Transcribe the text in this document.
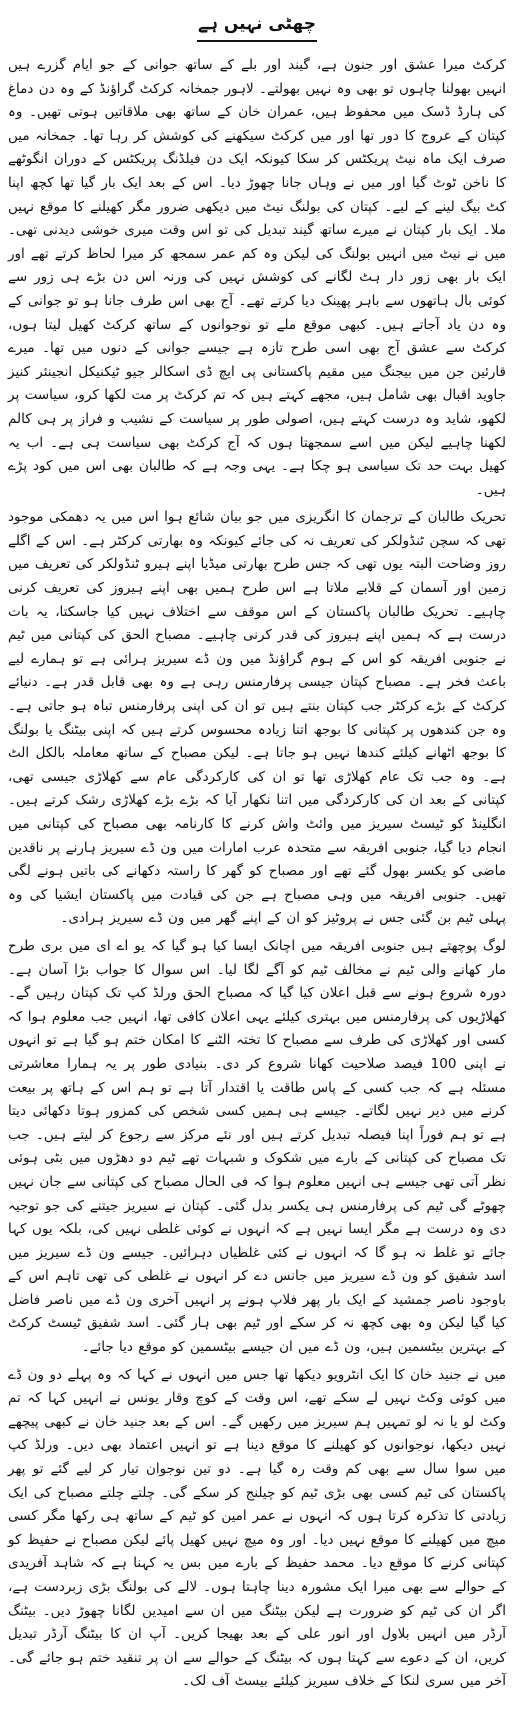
چھٹی نہیں ہے

کرکٹ میرا عشق اور جنون ہے، گیند اور بلے کے ساتھ جوانی کے جو ایام گزرے ہیں انہیں بھولنا چاہوں تو بھی وہ نہیں بھولتے۔ لاہور جمخانہ کرکٹ گراؤنڈ کے وہ دن دماغ کی ہارڈ ڈسک میں محفوظ ہیں، عمران خان کے ساتھ بھی ملاقاتیں ہوتی تھیں۔ وہ کپتان کے عروج کا دور تھا اور میں کرکٹ سیکھنے کی کوشش کر رہا تھا۔ جمخانہ میں صرف ایک ماہ نیٹ پریکٹس کر سکا کیونکہ ایک دن فیلڈنگ پریکٹس کے دوران انگوٹھے کا ناخن ٹوٹ گیا اور میں نے وہاں جانا چھوڑ دیا۔ اس کے بعد ایک بار گیا تھا کچھ اپنا کٹ بیگ لینے کے لیے۔ کپتان کی بولنگ نیٹ میں دیکھی ضرور مگر کھیلنے کا موقع نہیں ملا۔ ایک بار کپتان نے میرے ساتھ گیند تبدیل کی تو اس وقت میری خوشی دیدنی تھی۔ میں نے نیٹ میں انہیں بولنگ کی لیکن وہ کم عمر سمجھ کر میرا لحاظ کرتے تھے اور ایک بار بھی زور دار ہٹ لگانے کی کوشش نہیں کی ورنہ اس دن بڑے ہی زور سے کوئی بال ہاتھوں سے باہر پھینک دیا کرتے تھے۔ آج بھی اس طرف جانا ہو تو جوانی کے وہ دن یاد آجاتے ہیں۔ کبھی موقع ملے تو نوجوانوں کے ساتھ کرکٹ کھیل لیتا ہوں، کرکٹ سے عشق آج بھی اسی طرح تازہ ہے جیسے جوانی کے دنوں میں تھا۔ میرے قارئین جن میں بیجنگ میں مقیم پاکستانی پی ایچ ڈی اسکالر جیو ٹیکنیکل انجینئر کنیز جاوید اقبال بھی شامل ہیں، مجھے کہتے ہیں کہ تم کرکٹ پر مت لکھا کرو، سیاست پر لکھو، شاید وہ درست کہتے ہیں، اصولی طور پر سیاست کے نشیب و فراز پر ہی کالم لکھنا چاہیے لیکن میں اسے سمجھتا ہوں کہ آج کرکٹ بھی سیاست ہی ہے۔ اب یہ کھیل بہت حد تک سیاسی ہو چکا ہے۔ یہی وجہ ہے کہ طالبان بھی اس میں کود پڑے ہیں۔

تحریک طالبان کے ترجمان کا انگریزی میں جو بیان شائع ہوا اس میں یہ دھمکی موجود تھی کہ سچن ٹنڈولکر کی تعریف نہ کی جائے کیونکہ وہ بھارتی کرکٹر ہے۔ اس کے اگلے روز وضاحت البتہ یوں تھی کہ جس طرح بھارتی میڈیا اپنے ہیرو ٹنڈولکر کی تعریف میں زمین اور آسمان کے قلابے ملاتا ہے اس طرح ہمیں بھی اپنے ہیروز کی تعریف کرنی چاہیے۔ تحریک طالبان پاکستان کے اس موقف سے اختلاف نہیں کیا جاسکتا، یہ بات درست ہے کہ ہمیں اپنے ہیروز کی قدر کرنی چاہیے۔ مصباح الحق کی کپتانی میں ٹیم نے جنوبی افریقہ کو اس کے ہوم گراؤنڈ میں ون ڈے سیریز ہرائی ہے تو ہمارے لیے باعث فخر ہے۔ مصباح کپتان جیسی پرفارمنس رہی ہے وہ بھی قابل قدر ہے۔ دنیائے کرکٹ کے بڑے کرکٹر جب کپتان بنتے ہیں تو ان کی اپنی پرفارمنس تباہ ہو جاتی ہے۔ وہ جن کندھوں پر کپتانی کا بوجھ اتنا زیادہ محسوس کرتے ہیں کہ اپنی بیٹنگ یا بولنگ کا بوجھ اٹھانے کیلئے کندھا نہیں ہو جاتا ہے۔ لیکن مصباح کے ساتھ معاملہ بالکل الٹ ہے۔ وہ جب تک عام کھلاڑی تھا تو ان کی کارکردگی عام سے کھلاڑی جیسی تھی، کپتانی کے بعد ان کی کارکردگی میں اتنا نکھار آیا کہ بڑے بڑے کھلاڑی رشک کرتے ہیں۔ انگلینڈ کو ٹیسٹ سیریز میں وائٹ واش کرنے کا کارنامہ بھی مصباح کی کپتانی میں انجام دیا گیا، جنوبی افریقہ سے متحدہ عرب امارات میں ون ڈے سیریز ہارنے پر ناقدین ماضی کو یکسر بھول گئے تھے اور مصباح کو گھر کا راستہ دکھانے کی باتیں ہونے لگی تھیں۔ جنوبی افریقہ میں وہی مصباح ہے جن کی قیادت میں پاکستان ایشیا کی وہ پہلی ٹیم بن گئی جس نے پروٹیز کو ان کے اپنے گھر میں ون ڈے سیریز ہرادی۔

لوگ پوچھتے ہیں جنوبی افریقہ میں اچانک ایسا کیا ہو گیا کہ یو اے ای میں بری طرح مار کھانے والی ٹیم نے مخالف ٹیم کو آگے لگا لیا۔ اس سوال کا جواب بڑا آسان ہے۔ دورہ شروع ہونے سے قبل اعلان کیا گیا کہ مصباح الحق ورلڈ کپ تک کپتان رہیں گے۔ کھلاڑیوں کی پرفارمنس میں بہتری کیلئے یہی اعلان کافی تھا، انہیں جب معلوم ہوا کہ کسی اور کھلاڑی کی طرف سے مصباح کا تختہ الٹنے کا امکان ختم ہو گیا ہے تو انہوں نے اپنی 100 فیصد صلاحیت کھانا شروع کر دی۔ بنیادی طور پر یہ ہمارا معاشرتی مسئلہ ہے کہ جب کسی کے پاس طاقت یا اقتدار آتا ہے تو ہم اس کے ہاتھ پر بیعت کرنے میں دیر نہیں لگاتے۔ جیسے ہی ہمیں کسی شخص کی کمزور ہوتا دکھائی دیتا ہے تو ہم فوراً اپنا فیصلہ تبدیل کرتے ہیں اور نئے مرکز سے رجوع کر لیتے ہیں۔ جب تک مصباح کی کپتانی کے بارے میں شکوک و شبہات تھے ٹیم دو دھڑوں میں بٹی ہوئی نظر آتی تھی جیسے ہی انہیں معلوم ہوا کہ فی الحال مصباح کی کپتانی سے جان نہیں چھوٹے گی ٹیم کی پرفارمنس ہی یکسر بدل گئی۔ کپتان نے سیریز جیتنے کی جو توجیہ دی وہ درست ہے مگر ایسا نہیں ہے کہ انہوں نے کوئی غلطی نہیں کی، بلکہ یوں کہا جائے تو غلط نہ ہو گا کہ انہوں نے کئی غلطیاں دہرائیں۔ جیسے ون ڈے سیریز میں اسد شفیق کو ون ڈے سیریز میں جانس دے کر انہوں نے غلطی کی تھی تاہم اس کے باوجود ناصر جمشید کے ایک بار پھر فلاپ ہونے پر انہیں آخری ون ڈے میں ناصر فاضل کیا گیا لیکن وہ بھی کچھ نہ کر سکے اور ٹیم بھی ہار گئی۔ اسد شفیق ٹیسٹ کرکٹ کے بہترین بیٹسمین ہیں، ون ڈے میں ان جیسے بیٹسمین کو موقع دیا جائے۔

میں نے جنید خان کا ایک انٹرویو دیکھا تھا جس میں انہوں نے کہا کہ وہ پہلے دو ون ڈے میں کوئی وکٹ نہیں لے سکے تھے، اس وقت کے کوچ وقار یونس نے انہیں کہا کہ تم وکٹ لو یا نہ لو تمہیں ہم سیریز میں رکھیں گے۔ اس کے بعد جنید خان نے کبھی پیچھے نہیں دیکھا، نوجوانوں کو کھیلنے کا موقع دینا ہے تو انہیں اعتماد بھی دیں۔ ورلڈ کپ میں سوا سال سے بھی کم وقت رہ گیا ہے۔ دو تین نوجوان تیار کر لیے گئے تو پھر پاکستان کی ٹیم کسی بھی بڑی ٹیم کو چیلنج کر سکے گی۔ چلتے چلتے مصباح کی ایک زیادتی کا تذکرہ کرتا ہوں کہ انہوں نے عمر امین کو ٹیم کے ساتھ ہی رکھا مگر کسی میچ میں کھیلنے کا موقع نہیں دیا۔ اور وہ میچ نہیں کھیل پائے لیکن مصباح نے حفیظ کو کپتانی کرنے کا موقع دیا۔ محمد حفیظ کے بارے میں بس یہ کہنا ہے کہ شاہد آفریدی کے حوالے سے بھی میرا ایک مشورہ دینا چاہتا ہوں۔ لالے کی بولنگ بڑی زبردست ہے، اگر ان کی ٹیم کو ضرورت ہے لیکن بیٹنگ میں ان سے امیدیں لگانا چھوڑ دیں۔ بیٹنگ آرڈر میں انہیں بلاول اور انور علی کے بعد بھیجا کریں۔ آپ ان کا بیٹنگ آرڈر تبدیل کریں، ان کے دعوے سے کہتا ہوں کہ بیٹنگ کے حوالے سے ان پر تنقید ختم ہو جائے گی۔ آخر میں سری لنکا کے خلاف سیریز کیلئے بیسٹ آف لک۔
